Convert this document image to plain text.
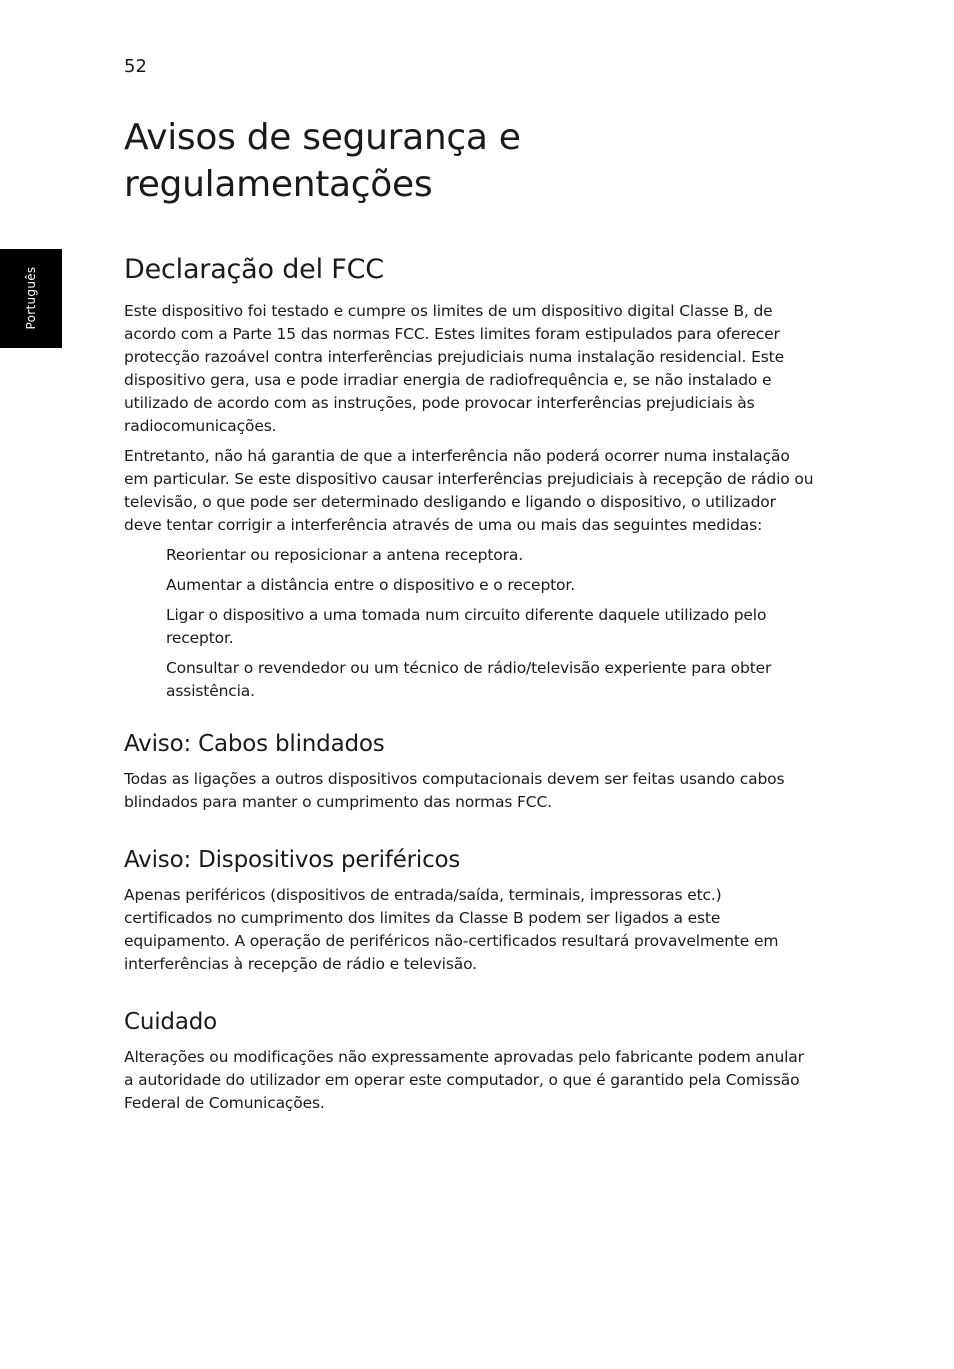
52
Português
Avisos de segurança e
regulamentações
Declaração del FCC

Este dispositivo foi testado e cumpre os limites de um dispositivo digital Classe B, de acordo com a Parte 15 das normas FCC. Estes limites foram estipulados para oferecer protecção razoável contra interferências prejudiciais numa instalação residencial. Este dispositivo gera, usa e pode irradiar energia de radiofrequência e, se não instalado e utilizado de acordo com as instruções, pode provocar interferências prejudiciais às radiocomunicações.

Entretanto, não há garantia de que a interferência não poderá ocorrer numa instalação em particular. Se este dispositivo causar interferências prejudiciais à recepção de rádio ou televisão, o que pode ser determinado desligando e ligando o dispositivo, o utilizador deve tentar corrigir a interferência através de uma ou mais das seguintes medidas:

Reorientar ou reposicionar a antena receptora.
Aumentar a distância entre o dispositivo e o receptor.
Ligar o dispositivo a uma tomada num circuito diferente daquele utilizado pelo receptor.
Consultar o revendedor ou um técnico de rádio/televisão experiente para obter assistência.
Aviso: Cabos blindados

Todas as ligações a outros dispositivos computacionais devem ser feitas usando cabos blindados para manter o cumprimento das normas FCC.

Aviso: Dispositivos periféricos

Apenas periféricos (dispositivos de entrada/saída, terminais, impressoras etc.) certificados no cumprimento dos limites da Classe B podem ser ligados a este equipamento. A operação de periféricos não-certificados resultará provavelmente em interferências à recepção de rádio e televisão.

Cuidado

Alterações ou modificações não expressamente aprovadas pelo fabricante podem anular a autoridade do utilizador em operar este computador, o que é garantido pela Comissão Federal de Comunicações.
